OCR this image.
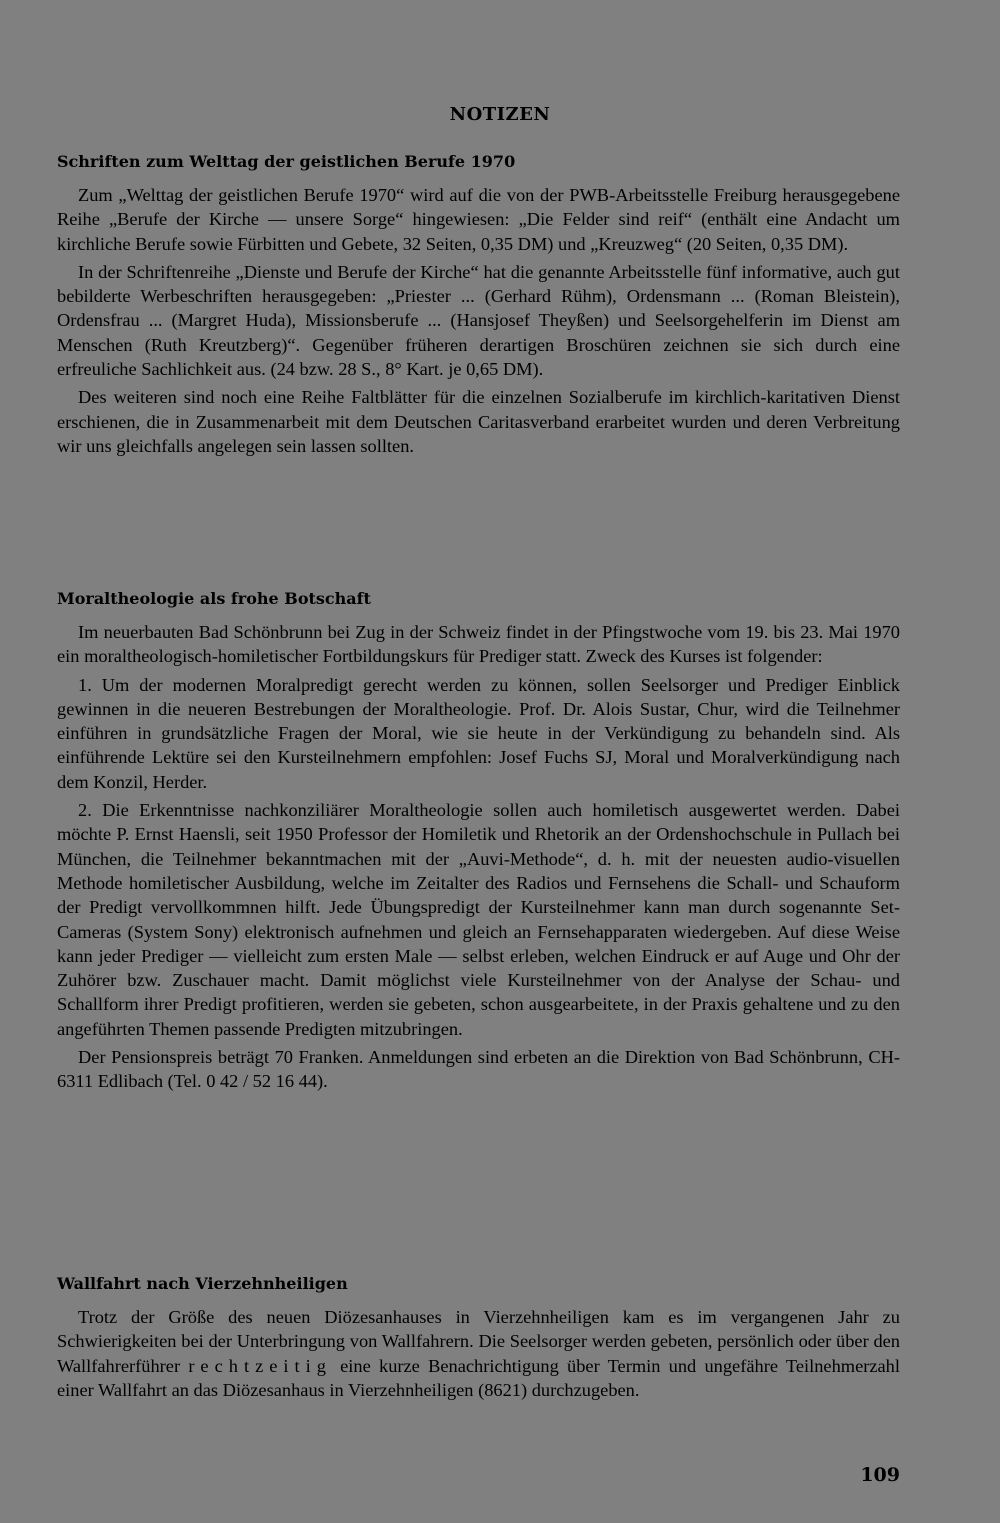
NOTIZEN
Schriften zum Welttag der geistlichen Berufe 1970

Zum „Welttag der geistlichen Berufe 1970“ wird auf die von der PWB-Arbeitsstelle Freiburg herausgegebene Reihe „Berufe der Kirche — unsere Sorge“ hingewiesen: „Die Felder sind reif“ (enthält eine Andacht um kirchliche Berufe sowie Fürbitten und Gebete, 32 Seiten, 0,35 DM) und „Kreuzweg“ (20 Seiten, 0,35 DM).

In der Schriftenreihe „Dienste und Berufe der Kirche“ hat die genannte Arbeitsstelle fünf informative, auch gut bebilderte Werbeschriften herausgegeben: „Priester ... (Gerhard Rühm), Ordensmann ... (Roman Bleistein), Ordensfrau ... (Margret Huda), Missionsberufe ... (Hansjosef Theyßen) und Seelsorgehelferin im Dienst am Menschen (Ruth Kreutzberg)“. Gegenüber früheren derartigen Broschüren zeichnen sie sich durch eine erfreuliche Sachlichkeit aus. (24 bzw. 28 S., 8° Kart. je 0,65 DM).

Des weiteren sind noch eine Reihe Faltblätter für die einzelnen Sozialberufe im kirchlich-karitativen Dienst erschienen, die in Zusammenarbeit mit dem Deutschen Caritasverband erarbeitet wurden und deren Verbreitung wir uns gleichfalls angelegen sein lassen sollten.

Moraltheologie als frohe Botschaft

Im neuerbauten Bad Schönbrunn bei Zug in der Schweiz findet in der Pfingstwoche vom 19. bis 23. Mai 1970 ein moraltheologisch-homiletischer Fortbildungskurs für Prediger statt. Zweck des Kurses ist folgender:

1. Um der modernen Moralpredigt gerecht werden zu können, sollen Seelsorger und Prediger Einblick gewinnen in die neueren Bestrebungen der Moraltheologie. Prof. Dr. Alois Sustar, Chur, wird die Teilnehmer einführen in grundsätzliche Fragen der Moral, wie sie heute in der Verkündigung zu behandeln sind. Als einführende Lektüre sei den Kursteilnehmern empfohlen: Josef Fuchs SJ, Moral und Moralverkündigung nach dem Konzil, Herder.

2. Die Erkenntnisse nachkonziliärer Moraltheologie sollen auch homiletisch ausgewertet werden. Dabei möchte P. Ernst Haensli, seit 1950 Professor der Homiletik und Rhetorik an der Ordenshochschule in Pullach bei München, die Teilnehmer bekanntmachen mit der „Auvi-Methode“, d. h. mit der neuesten audio-visuellen Methode homiletischer Ausbildung, welche im Zeitalter des Radios und Fernsehens die Schall- und Schauform der Predigt vervollkommnen hilft. Jede Übungspredigt der Kursteilnehmer kann man durch sogenannte Set-Cameras (System Sony) elektronisch aufnehmen und gleich an Fernsehapparaten wiedergeben. Auf diese Weise kann jeder Prediger — vielleicht zum ersten Male — selbst erleben, welchen Eindruck er auf Auge und Ohr der Zuhörer bzw. Zuschauer macht. Damit möglichst viele Kursteilnehmer von der Analyse der Schau- und Schallform ihrer Predigt profitieren, werden sie gebeten, schon ausgearbeitete, in der Praxis gehaltene und zu den angeführten Themen passende Predigten mitzubringen.

Der Pensionspreis beträgt 70 Franken. Anmeldungen sind erbeten an die Direktion von Bad Schönbrunn, CH-6311 Edlibach (Tel. 0 42 / 52 16 44).

Wallfahrt nach Vierzehnheiligen

Trotz der Größe des neuen Diözesanhauses in Vierzehnheiligen kam es im vergangenen Jahr zu Schwierigkeiten bei der Unterbringung von Wallfahrern. Die Seelsorger werden gebeten, persönlich oder über den Wallfahrerführer rechtzeitig eine kurze Benachrichtigung über Termin und ungefähre Teilnehmerzahl einer Wallfahrt an das Diözesanhaus in Vierzehnheiligen (8621) durchzugeben.

109
